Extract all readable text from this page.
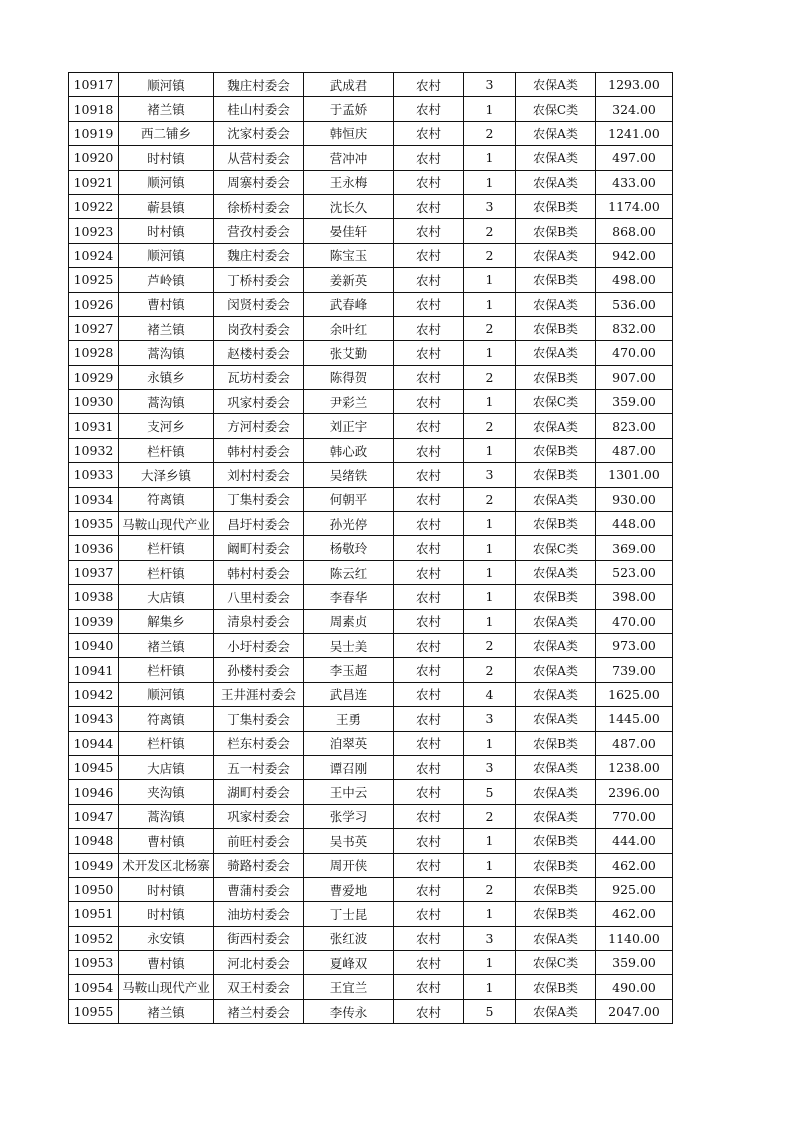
10917	顺河镇	魏庄村委会	武成君	农村	3	农保A类	1293.00

10918	褚兰镇	桂山村委会	于孟娇	农村	1	农保C类	324.00

10919	西二铺乡	沈家村委会	韩恒庆	农村	2	农保A类	1241.00

10920	时村镇	从营村委会	营冲冲	农村	1	农保A类	497.00

10921	顺河镇	周寨村委会	王永梅	农村	1	农保A类	433.00

10922	蕲县镇	徐桥村委会	沈长久	农村	3	农保B类	1174.00

10923	时村镇	营孜村委会	晏佳轩	农村	2	农保B类	868.00

10924	顺河镇	魏庄村委会	陈宝玉	农村	2	农保A类	942.00

10925	芦岭镇	丁桥村委会	姜新英	农村	1	农保B类	498.00

10926	曹村镇	闵贤村委会	武春峰	农村	1	农保A类	536.00

10927	褚兰镇	岗孜村委会	余叶红	农村	2	农保B类	832.00

10928	蒿沟镇	赵楼村委会	张艾勤	农村	1	农保A类	470.00

10929	永镇乡	瓦坊村委会	陈得贺	农村	2	农保B类	907.00

10930	蒿沟镇	巩家村委会	尹彩兰	农村	1	农保C类	359.00

10931	支河乡	方河村委会	刘正宇	农村	2	农保A类	823.00

10932	栏杆镇	韩村村委会	韩心政	农村	1	农保B类	487.00

10933	大泽乡镇	刘村村委会	吴绪铁	农村	3	农保B类	1301.00

10934	符离镇	丁集村委会	何朝平	农村	2	农保A类	930.00

10935	马鞍山现代产业	昌圩村委会	孙光停	农村	1	农保B类	448.00

10936	栏杆镇	阚町村委会	杨敬玲	农村	1	农保C类	369.00

10937	栏杆镇	韩村村委会	陈云红	农村	1	农保A类	523.00

10938	大店镇	八里村委会	李春华	农村	1	农保B类	398.00

10939	解集乡	清泉村委会	周素贞	农村	1	农保A类	470.00

10940	褚兰镇	小圩村委会	吴士美	农村	2	农保A类	973.00

10941	栏杆镇	孙楼村委会	李玉超	农村	2	农保A类	739.00

10942	顺河镇	王井涯村委会	武昌连	农村	4	农保A类	1625.00

10943	符离镇	丁集村委会	王勇	农村	3	农保A类	1445.00

10944	栏杆镇	栏东村委会	洎翠英	农村	1	农保B类	487.00

10945	大店镇	五一村委会	谭召刚	农村	3	农保A类	1238.00

10946	夹沟镇	湖町村委会	王中云	农村	5	农保A类	2396.00

10947	蒿沟镇	巩家村委会	张学习	农村	2	农保A类	770.00

10948	曹村镇	前旺村委会	吴书英	农村	1	农保B类	444.00

10949	术开发区北杨寨	骑路村委会	周开侠	农村	1	农保B类	462.00

10950	时村镇	曹蒲村委会	曹爱地	农村	2	农保B类	925.00

10951	时村镇	油坊村委会	丁士昆	农村	1	农保B类	462.00

10952	永安镇	街西村委会	张红波	农村	3	农保A类	1140.00

10953	曹村镇	河北村委会	夏峰双	农村	1	农保C类	359.00

10954	马鞍山现代产业	双王村委会	王宜兰	农村	1	农保B类	490.00

10955	褚兰镇	褚兰村委会	李传永	农村	5	农保A类	2047.00
